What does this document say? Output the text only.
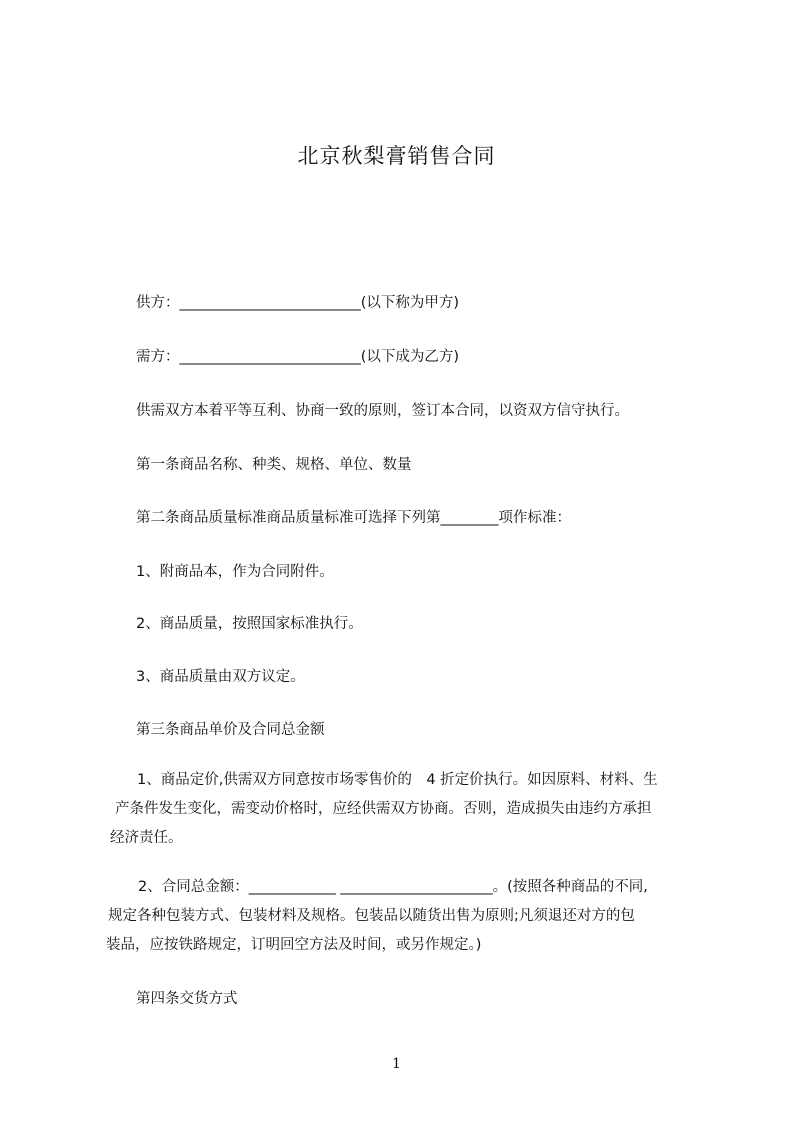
北京秋梨膏销售合同
供方：_________________________(以下称为甲方)
需方：_________________________(以下成为乙方)
供需双方本着平等互利、协商一致的原则，签订本合同，以资双方信守执行。
第一条商品名称、种类、规格、单位、数量
第二条商品质量标准商品质量标准可选择下列第________项作标准：
1、附商品本，作为合同附件。
2、商品质量，按照国家标准执行。
3、商品质量由双方议定。
第三条商品单价及合同总金额
1、商品定价,供需双方同意按市场零售价的　4 折定价执行。如因原料、材料、生
产条件发生变化，需变动价格时，应经供需双方协商。否则，造成损失由违约方承担
经济责任。
2、合同总金额：____________ _____________________。(按照各种商品的不同,
规定各种包装方式、包装材料及规格。包装品以随货出售为原则;凡须退还对方的包
装品，应按铁路规定，订明回空方法及时间，或另作规定。)
第四条交货方式
1
